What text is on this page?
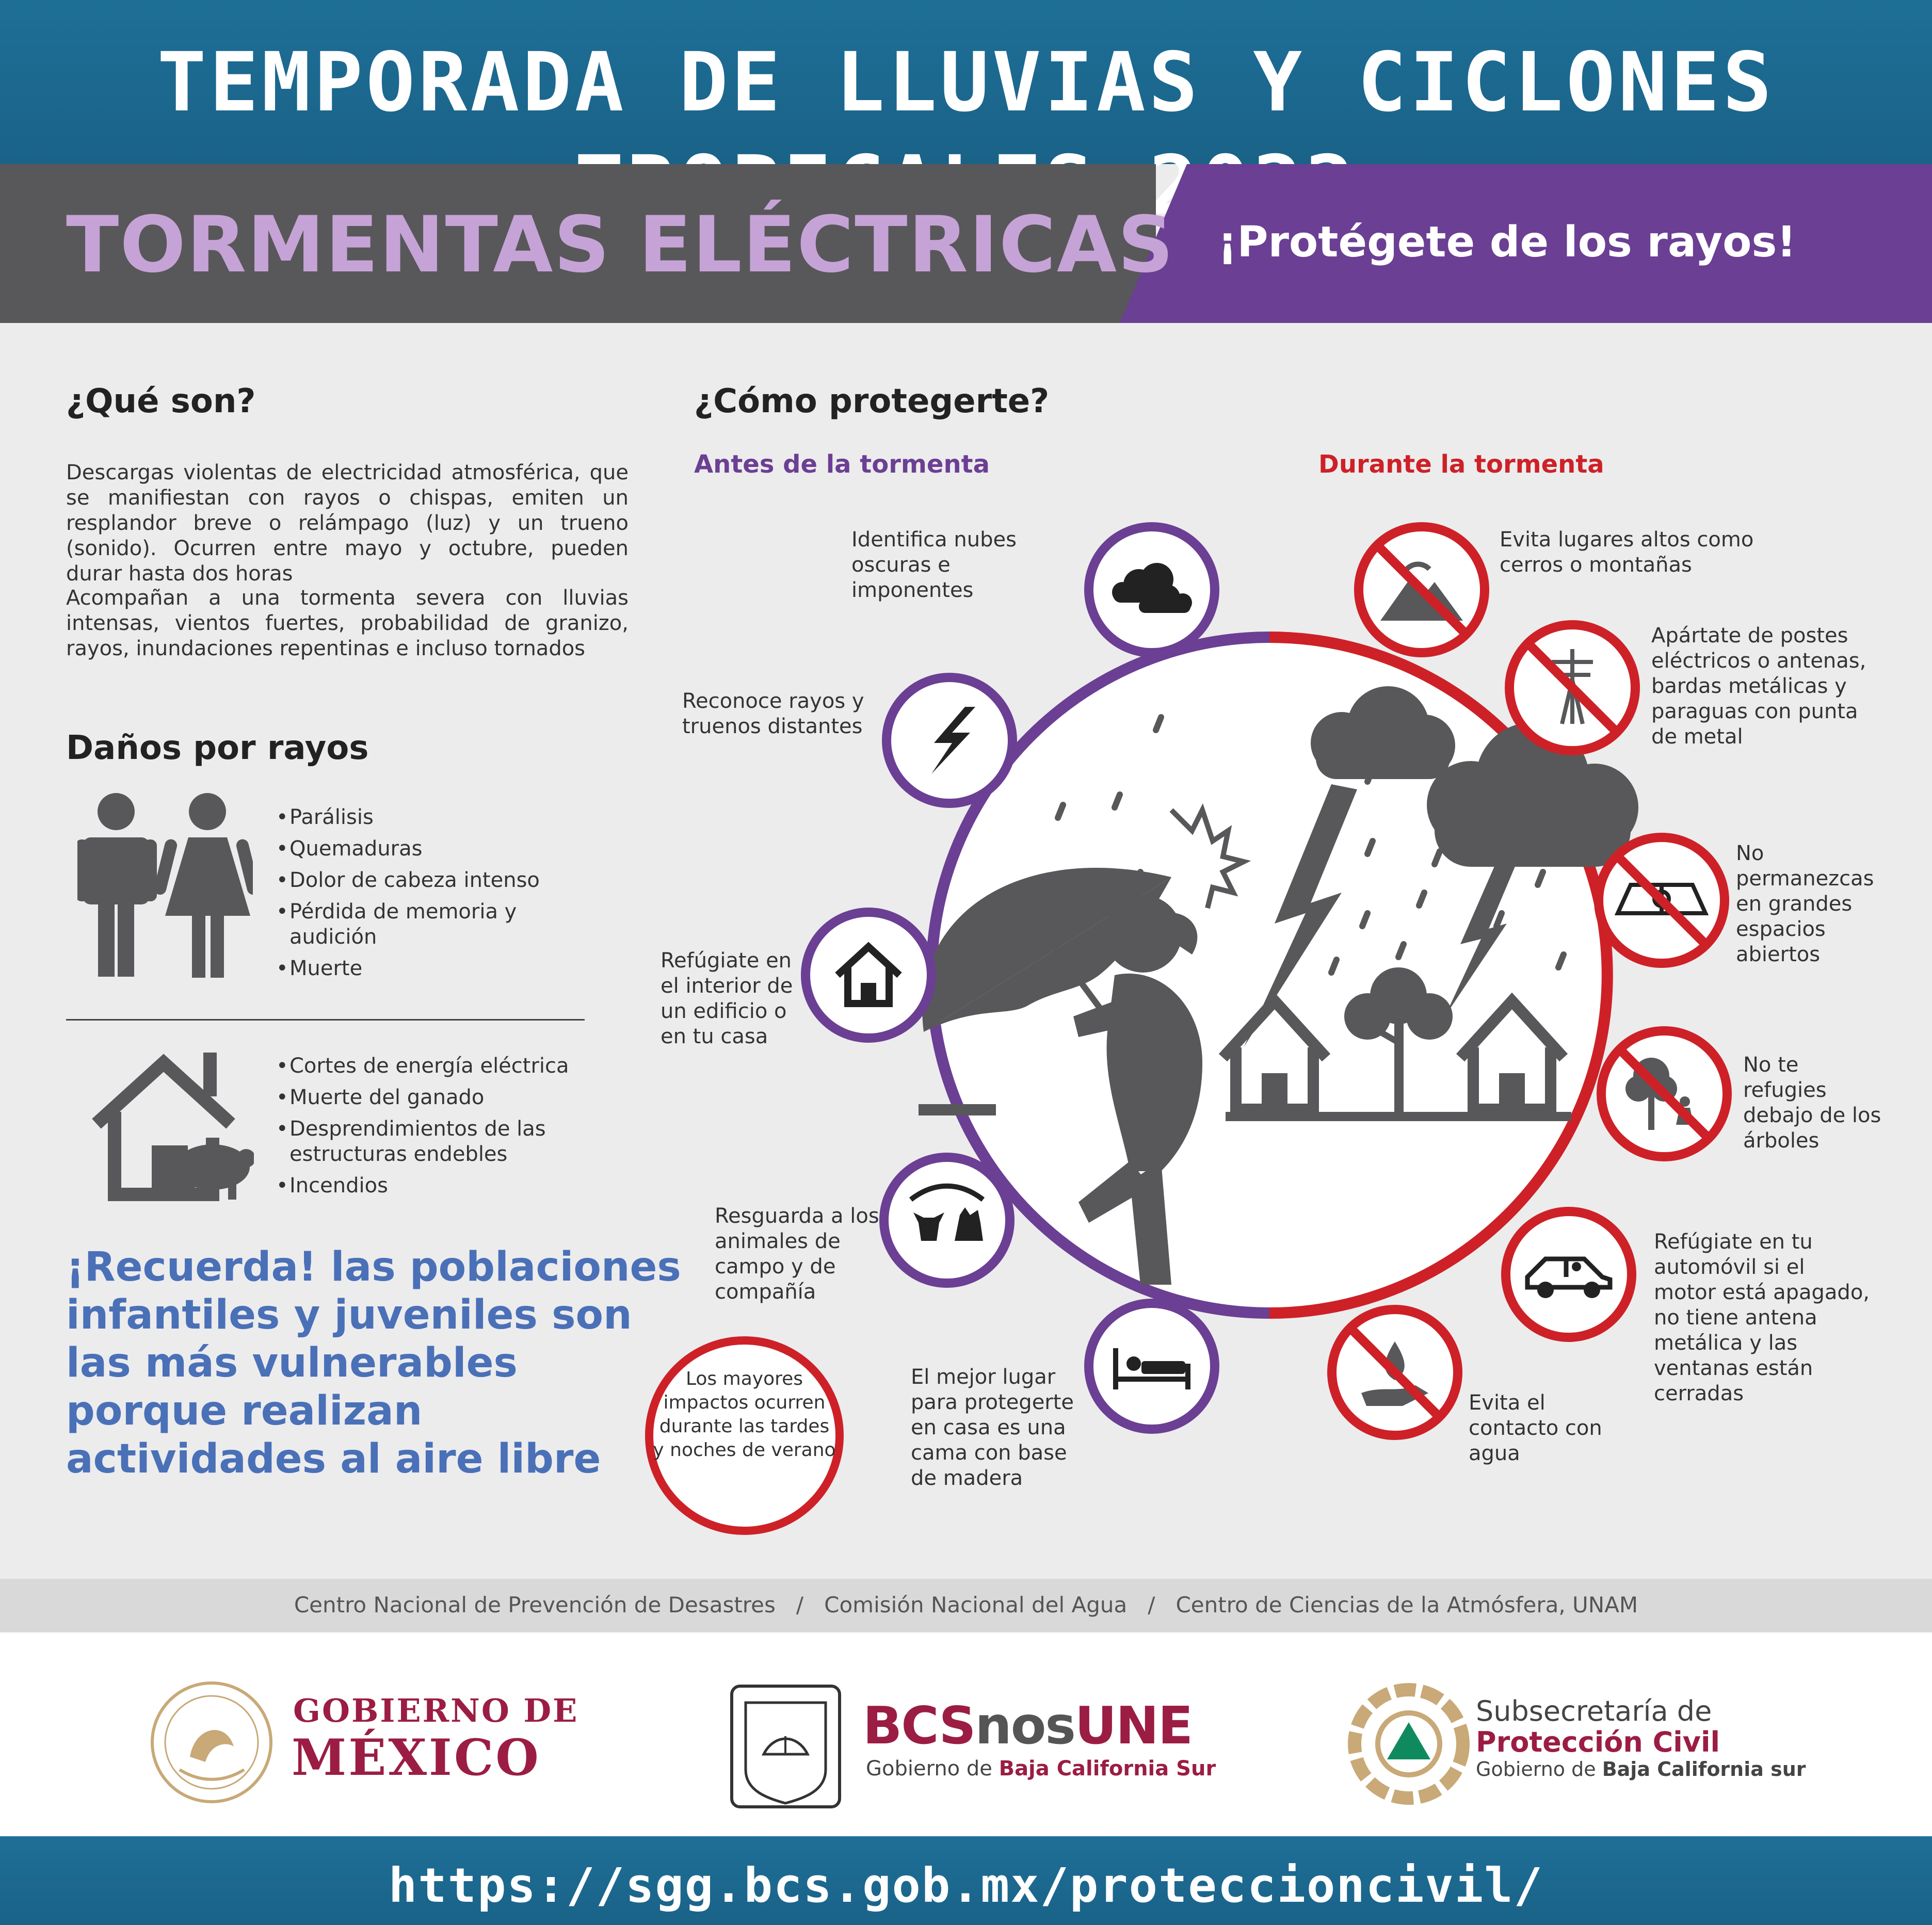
TEMPORADA DE LLUVIAS Y CICLONES
TORMENTAS ELÉCTRICAS ¡Protégete de los rayos!
¿Qué son?
Descargas violentas de electricidad atmosférica, que se manifiestan con rayos o chispas, emiten un resplandor breve o relámpago (luz) y un trueno (sonido). Ocurren entre mayo y octubre, pueden durar hasta dos horas
Acompañan a una tormenta severa con lluvias intensas, vientos fuertes, probabilidad de granizo, rayos, inundaciones repentinas e incluso tornados
Daños por rayos
• Parálisis
• Quemaduras
• Dolor de cabeza intenso
• Pérdida de memoria y audición
• Muerte
• Cortes de energía eléctrica
• Muerte del ganado
• Desprendimientos de las estructuras endebles
• Incendios
¡Recuerda! las poblaciones infantiles y juveniles son las más vulnerables porque realizan actividades al aire libre
¿Cómo protegerte?
Antes de la tormenta	Durante la tormenta
Identifica nubes oscuras e imponentes
Reconoce rayos y truenos distantes
Refúgiate en el interior de un edificio o en tu casa
Resguarda a los animales de campo y de compañía
El mejor lugar para protegerte en casa es una cama con base de madera
Evita lugares altos como cerros o montañas
Apártate de postes eléctricos o antenas, bardas metálicas y paraguas con punta de metal
No permanezcas en grandes espacios abiertos
No te refugies debajo de los árboles
Refúgiate en tu automóvil si el motor está apagado, no tiene antena metálica y las ventanas están cerradas
Evita el contacto con agua
Los mayores impactos ocurren durante las tardes y noches de verano
Centro Nacional de Prevención de Desastres   /   Comisión Nacional del Agua   /   Centro de Ciencias de la Atmósfera, UNAM
GOBIERNO DE
MÉXICO
BCSnosUNE
Gobierno de Baja California Sur
Subsecretaría de
Protección Civil
Gobierno de Baja California sur
https://sgg.bcs.gob.mx/proteccioncivil/
